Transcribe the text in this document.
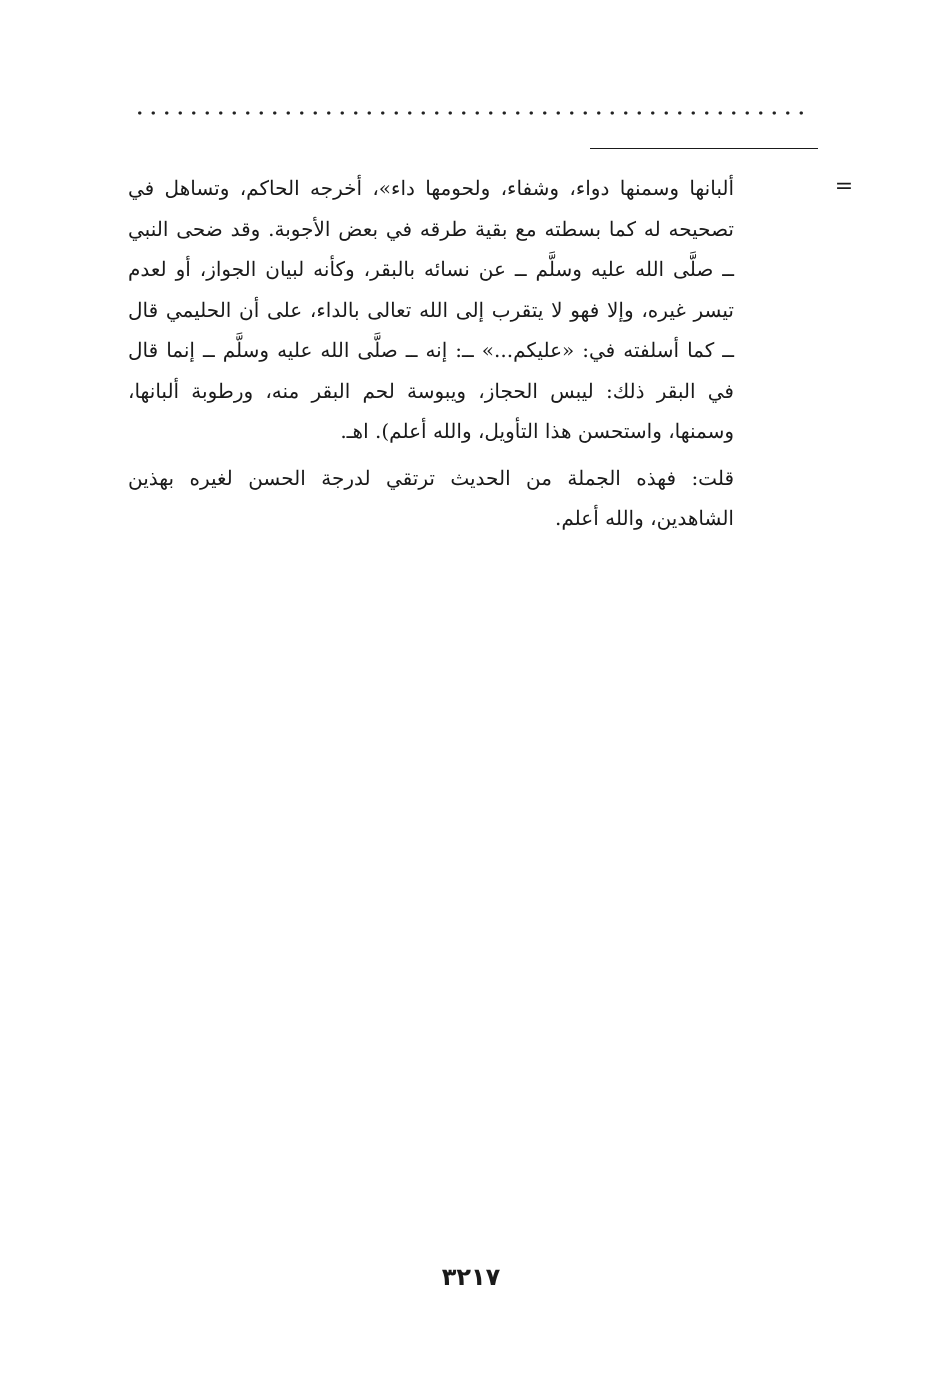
=

ألبانها وسمنها دواء، وشفاء، ولحومها داء»، أخرجه الحاكم، وتساهل في تصحيحه له كما بسطته مع بقية طرقه في بعض الأجوبة. وقد ضحى النبي ــ صلَّى الله عليه وسلَّم ــ عن نسائه بالبقر، وكأنه لبيان الجواز، أو لعدم تيسر غيره، وإلا فهو لا يتقرب إلى الله تعالى بالداء، على أن الحليمي قال ــ كما أسلفته في: «عليكم...» ــ: إنه ــ صلَّى الله عليه وسلَّم ــ إنما قال في البقر ذلك: ليبس الحجاز، ويبوسة لحم البقر منه، ورطوبة ألبانها، وسمنها، واستحسن هذا التأويل، والله أعلم). اهـ.

قلت: فهذه الجملة من الحديث ترتقي لدرجة الحسن لغيره بهذين الشاهدين، والله أعلم.

٣٢١٧
